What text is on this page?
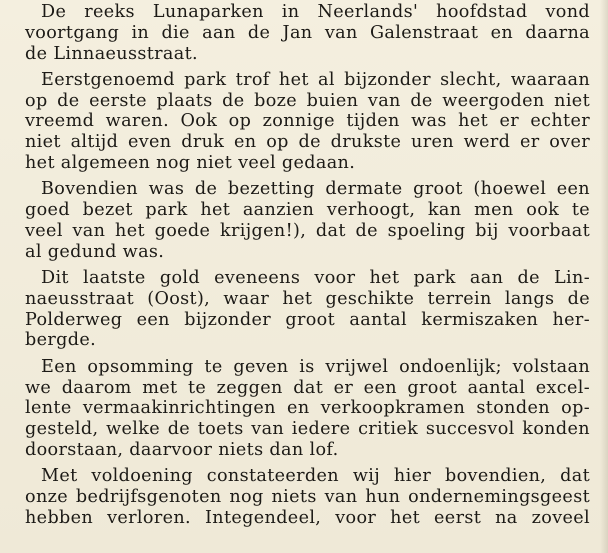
De reeks Lunaparken in Neerlands' hoofdstad vond
voortgang in die aan de Jan van Galenstraat en daarna
de Linnaeusstraat.
Eerstgenoemd park trof het al bijzonder slecht, waaraan
op de eerste plaats de boze buien van de weergoden niet
vreemd waren. Ook op zonnige tijden was het er echter
niet altijd even druk en op de drukste uren werd er over
het algemeen nog niet veel gedaan.
Bovendien was de bezetting dermate groot (hoewel een
goed bezet park het aanzien verhoogt, kan men ook te
veel van het goede krijgen!), dat de spoeling bij voorbaat
al gedund was.
Dit laatste gold eveneens voor het park aan de Lin-
naeusstraat (Oost), waar het geschikte terrein langs de
Polderweg een bijzonder groot aantal kermiszaken her-
bergde.
Een opsomming te geven is vrijwel ondoenlijk; volstaan
we daarom met te zeggen dat er een groot aantal excel-
lente vermaakinrichtingen en verkoopkramen stonden op-
gesteld, welke de toets van iedere critiek succesvol konden
doorstaan, daarvoor niets dan lof.
Met voldoening constateerden wij hier bovendien, dat
onze bedrijfsgenoten nog niets van hun ondernemingsgeest
hebben verloren. Integendeel, voor het eerst na zoveel
